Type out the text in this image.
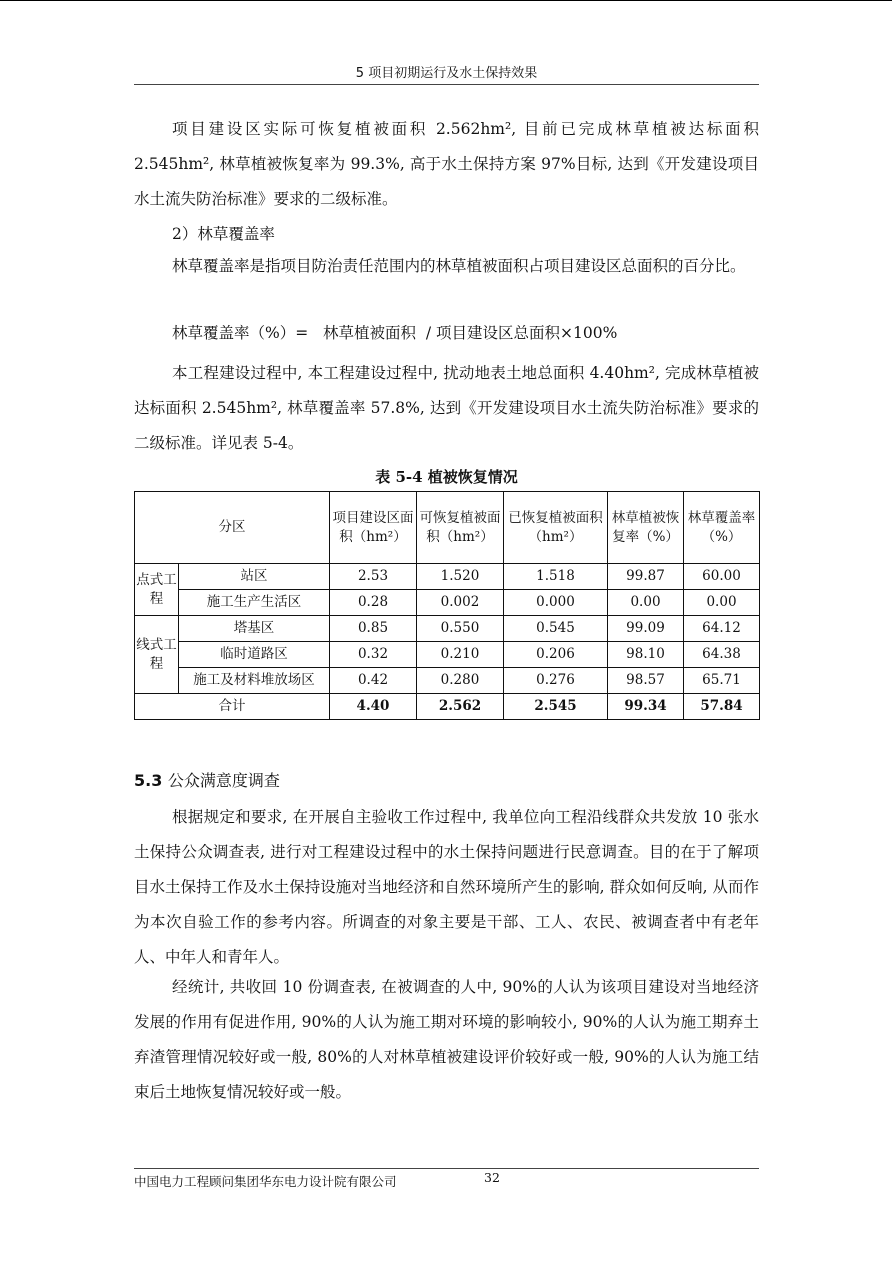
5 项目初期运行及水土保持效果

项目建设区实际可恢复植被面积 2.562hm², 目前已完成林草植被达标面积 2.545hm², 林草植被恢复率为 99.3%, 高于水土保持方案 97%目标, 达到《开发建设项目水土流失防治标准》要求的二级标准。

2）林草覆盖率

林草覆盖率是指项目防治责任范围内的林草植被面积占项目建设区总面积的百分比。

林草覆盖率（%）=   林草植被面积  / 项目建设区总面积×100%

本工程建设过程中, 本工程建设过程中, 扰动地表土地总面积 4.40hm², 完成林草植被达标面积 2.545hm², 林草覆盖率 57.8%, 达到《开发建设项目水土流失防治标准》要求的二级标准。详见表 5-4。

表 5-4 植被恢复情况
分区		项目建设区面积（hm²）	可恢复植被面积（hm²）	已恢复植被面积（hm²）	林草植被恢复率（%）	林草覆盖率（%）
点式工程	站区	2.53	1.520	1.518	99.87	60.00
	施工生产生活区	0.28	0.002	0.000	0.00	0.00
线式工程	塔基区	0.85	0.550	0.545	99.09	64.12
	临时道路区	0.32	0.210	0.206	98.10	64.38
	施工及材料堆放场区	0.42	0.280	0.276	98.57	65.71
合计		4.40	2.562	2.545	99.34	57.84
5.3 公众满意度调查

根据规定和要求, 在开展自主验收工作过程中, 我单位向工程沿线群众共发放 10 张水土保持公众调查表, 进行对工程建设过程中的水土保持问题进行民意调查。目的在于了解项目水土保持工作及水土保持设施对当地经济和自然环境所产生的影响, 群众如何反响, 从而作为本次自验工作的参考内容。所调查的对象主要是干部、工人、农民、被调查者中有老年人、中年人和青年人。

经统计, 共收回 10 份调查表, 在被调查的人中, 90%的人认为该项目建设对当地经济发展的作用有促进作用, 90%的人认为施工期对环境的影响较小, 90%的人认为施工期弃土弃渣管理情况较好或一般, 80%的人对林草植被建设评价较好或一般, 90%的人认为施工结束后土地恢复情况较好或一般。

中国电力工程顾问集团华东电力设计院有限公司	32
